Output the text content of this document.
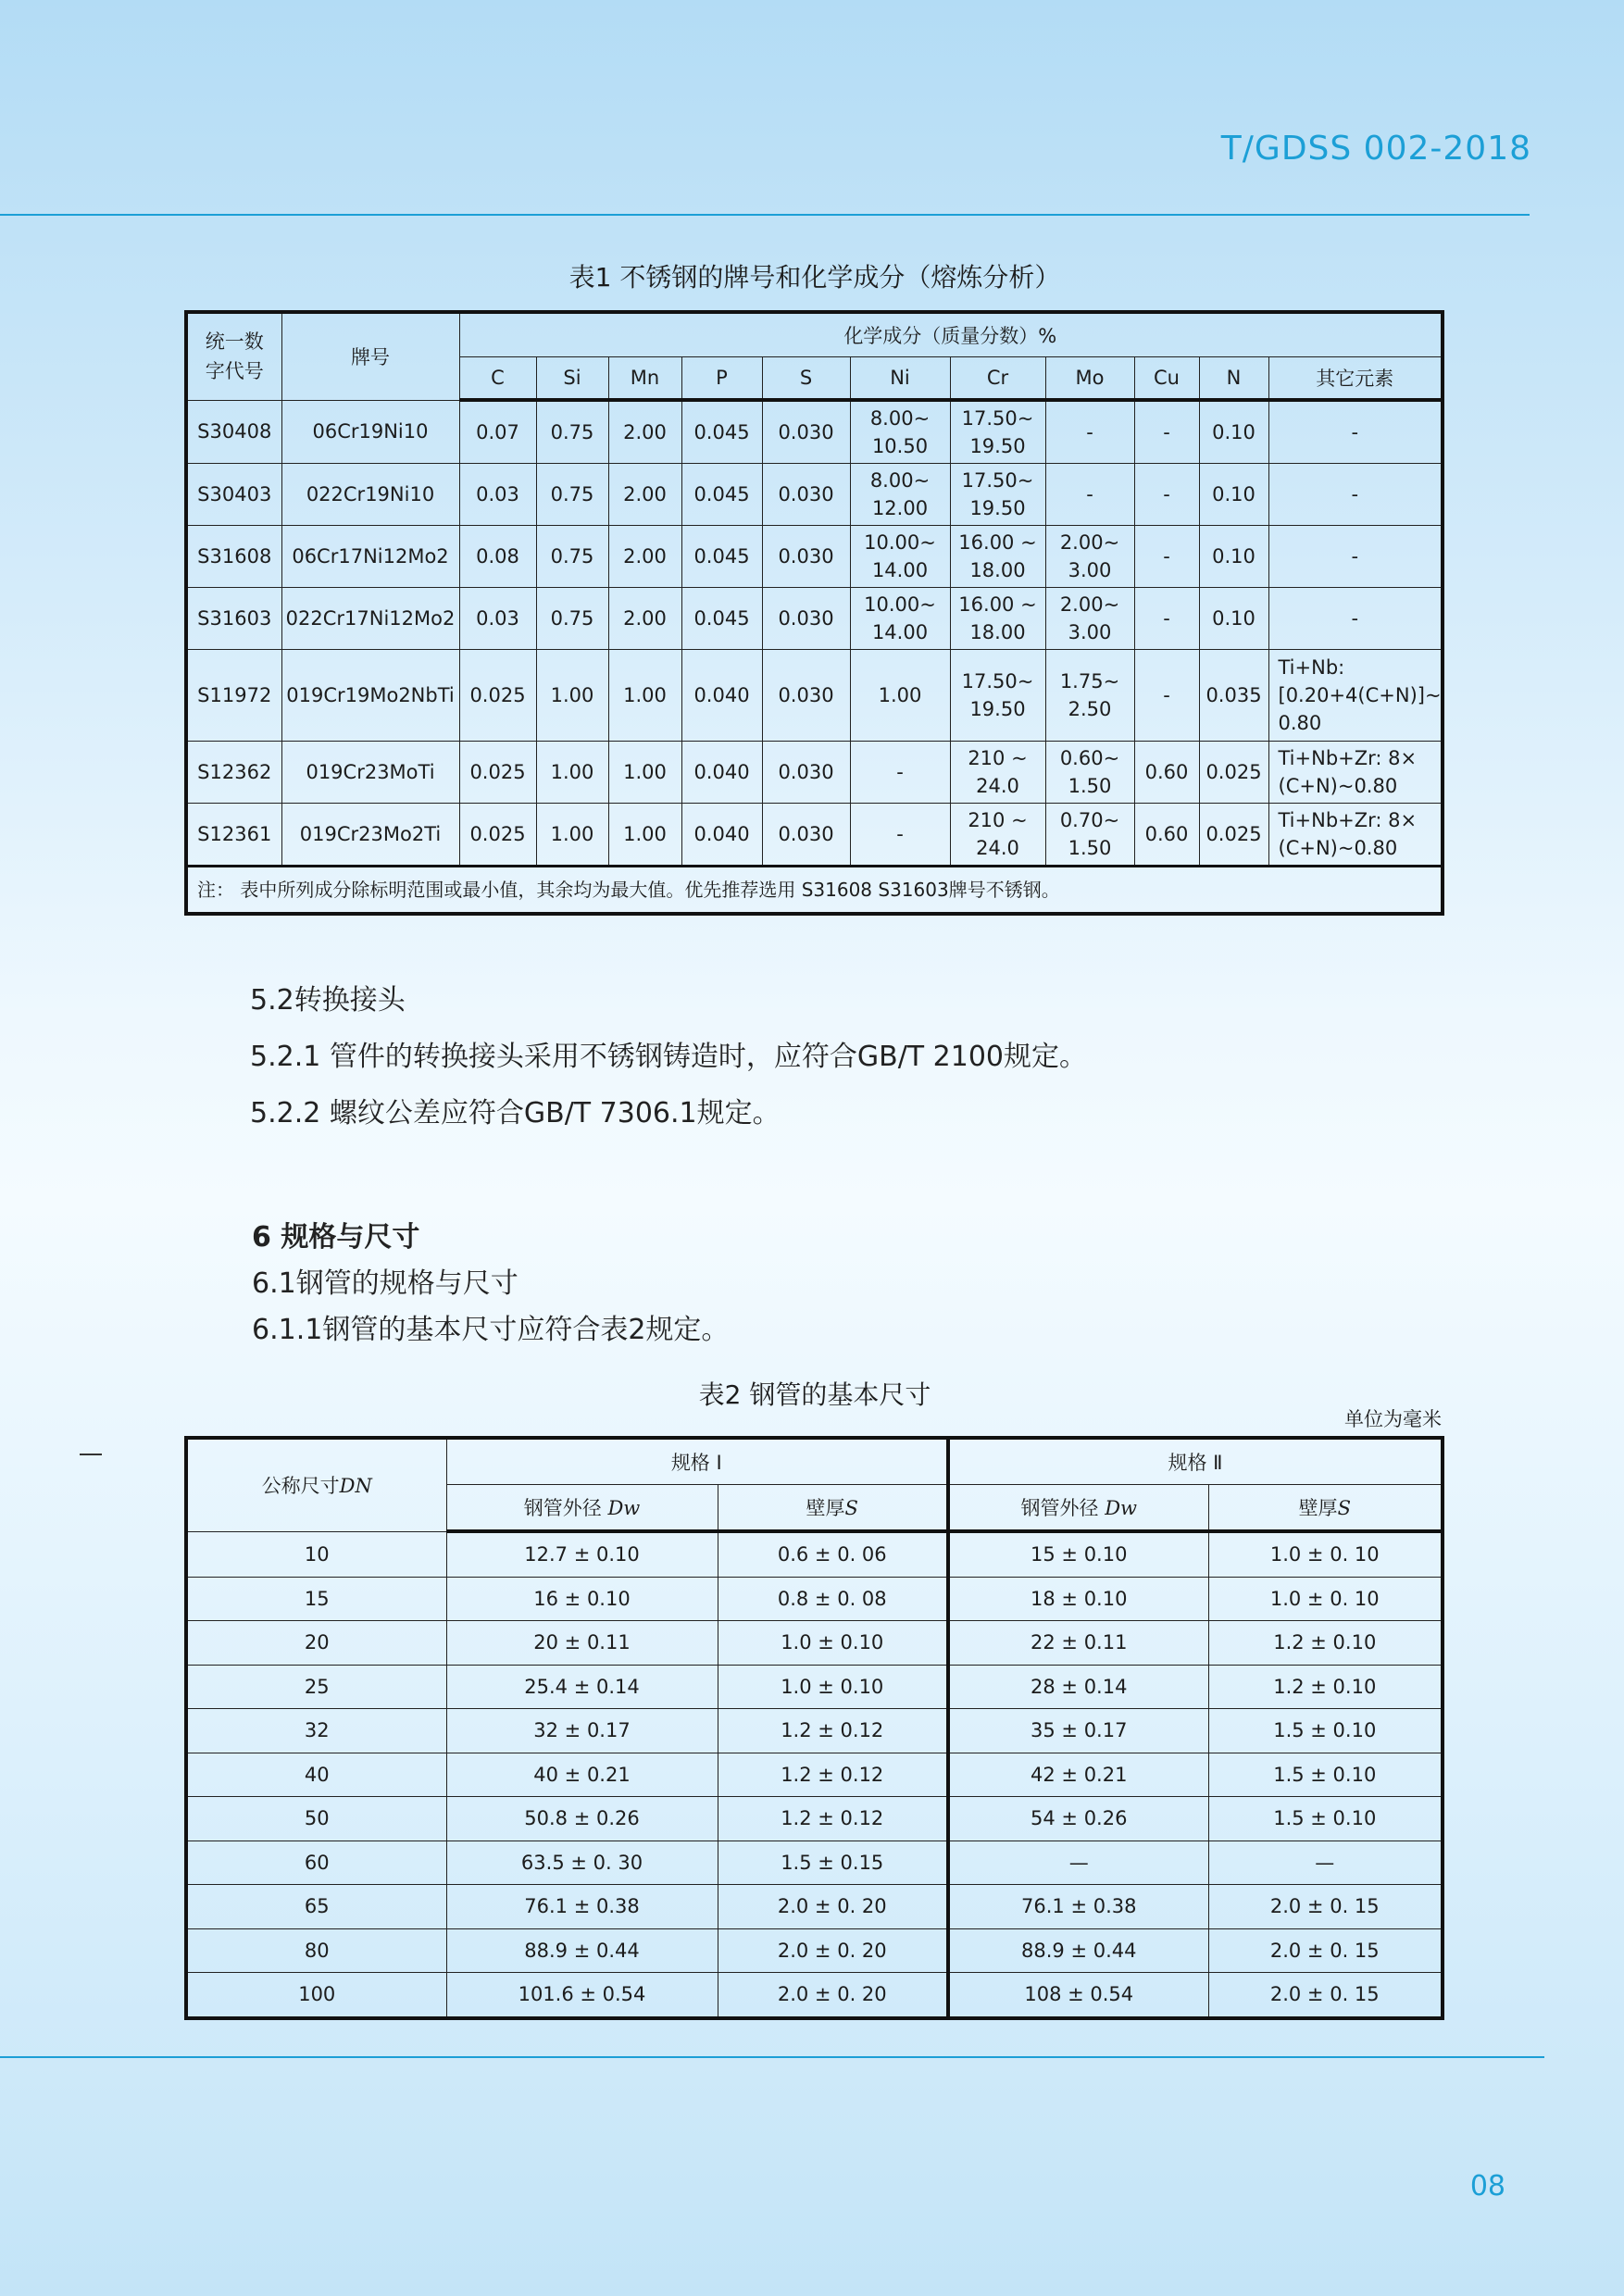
T/GDSS 002-2018
表1 不锈钢的牌号和化学成分（熔炼分析）
统一数字代号	牌号	化学成分（质量分数）%										
		C	Si	Mn	P	S	Ni	Cr	Mo	Cu	N	其它元素
S30408	06Cr19Ni10	0.07	0.75	2.00	0.045	0.030	8.00~ 10.50	17.50~ 19.50	-	-	0.10	-
S30403	022Cr19Ni10	0.03	0.75	2.00	0.045	0.030	8.00~ 12.00	17.50~ 19.50	-	-	0.10	-
S31608	06Cr17Ni12Mo2	0.08	0.75	2.00	0.045	0.030	10.00~ 14.00	16.00 ~ 18.00	2.00~ 3.00	-	0.10	-
S31603	022Cr17Ni12Mo2	0.03	0.75	2.00	0.045	0.030	10.00~ 14.00	16.00 ~ 18.00	2.00~ 3.00	-	0.10	-
S11972	019Cr19Mo2NbTi	0.025	1.00	1.00	0.040	0.030	1.00	17.50~ 19.50	1.75~ 2.50	-	0.035	Ti+Nb: [0.20+4(C+N)]~ 0.80
S12362	019Cr23MoTi	0.025	1.00	1.00	0.040	0.030	-	210 ~ 24.0	0.60~ 1.50	0.60	0.025	Ti+Nb+Zr: 8× (C+N)~0.80
S12361	019Cr23Mo2Ti	0.025	1.00	1.00	0.040	0.030	-	210 ~ 24.0	0.70~ 1.50	0.60	0.025	Ti+Nb+Zr: 8× (C+N)~0.80
注： 表中所列成分除标明范围或最小值，其余均为最大值。优先推荐选用 S31608 S31603牌号不锈钢。												
5.2转换接头
5.2.1 管件的转换接头采用不锈钢铸造时，应符合GB/T 2100规定。
5.2.2 螺纹公差应符合GB/T 7306.1规定。
6 规格与尺寸
6.1钢管的规格与尺寸
6.1.1钢管的基本尺寸应符合表2规定。
表2 钢管的基本尺寸
单位为毫米
公称尺寸DN	规格 Ⅰ		规格 Ⅱ	
	钢管外径 Dw	壁厚S	钢管外径 Dw	壁厚S
10	12.7 ± 0.10	0.6 ± 0. 06	15 ± 0.10	1.0 ± 0. 10
15	16 ± 0.10	0.8 ± 0. 08	18 ± 0.10	1.0 ± 0. 10
20	20 ± 0.11	1.0 ± 0.10	22 ± 0.11	1.2 ± 0.10
25	25.4 ± 0.14	1.0 ± 0.10	28 ± 0.14	1.2 ± 0.10
32	32 ± 0.17	1.2 ± 0.12	35 ± 0.17	1.5 ± 0.10
40	40 ± 0.21	1.2 ± 0.12	42 ± 0.21	1.5 ± 0.10
50	50.8 ± 0.26	1.2 ± 0.12	54 ± 0.26	1.5 ± 0.10
60	63.5 ± 0. 30	1.5 ± 0.15	—	—
65	76.1 ± 0.38	2.0 ± 0. 20	76.1 ± 0.38	2.0 ± 0. 15
80	88.9 ± 0.44	2.0 ± 0. 20	88.9 ± 0.44	2.0 ± 0. 15
100	101.6 ± 0.54	2.0 ± 0. 20	108 ± 0.54	2.0 ± 0. 15
08
